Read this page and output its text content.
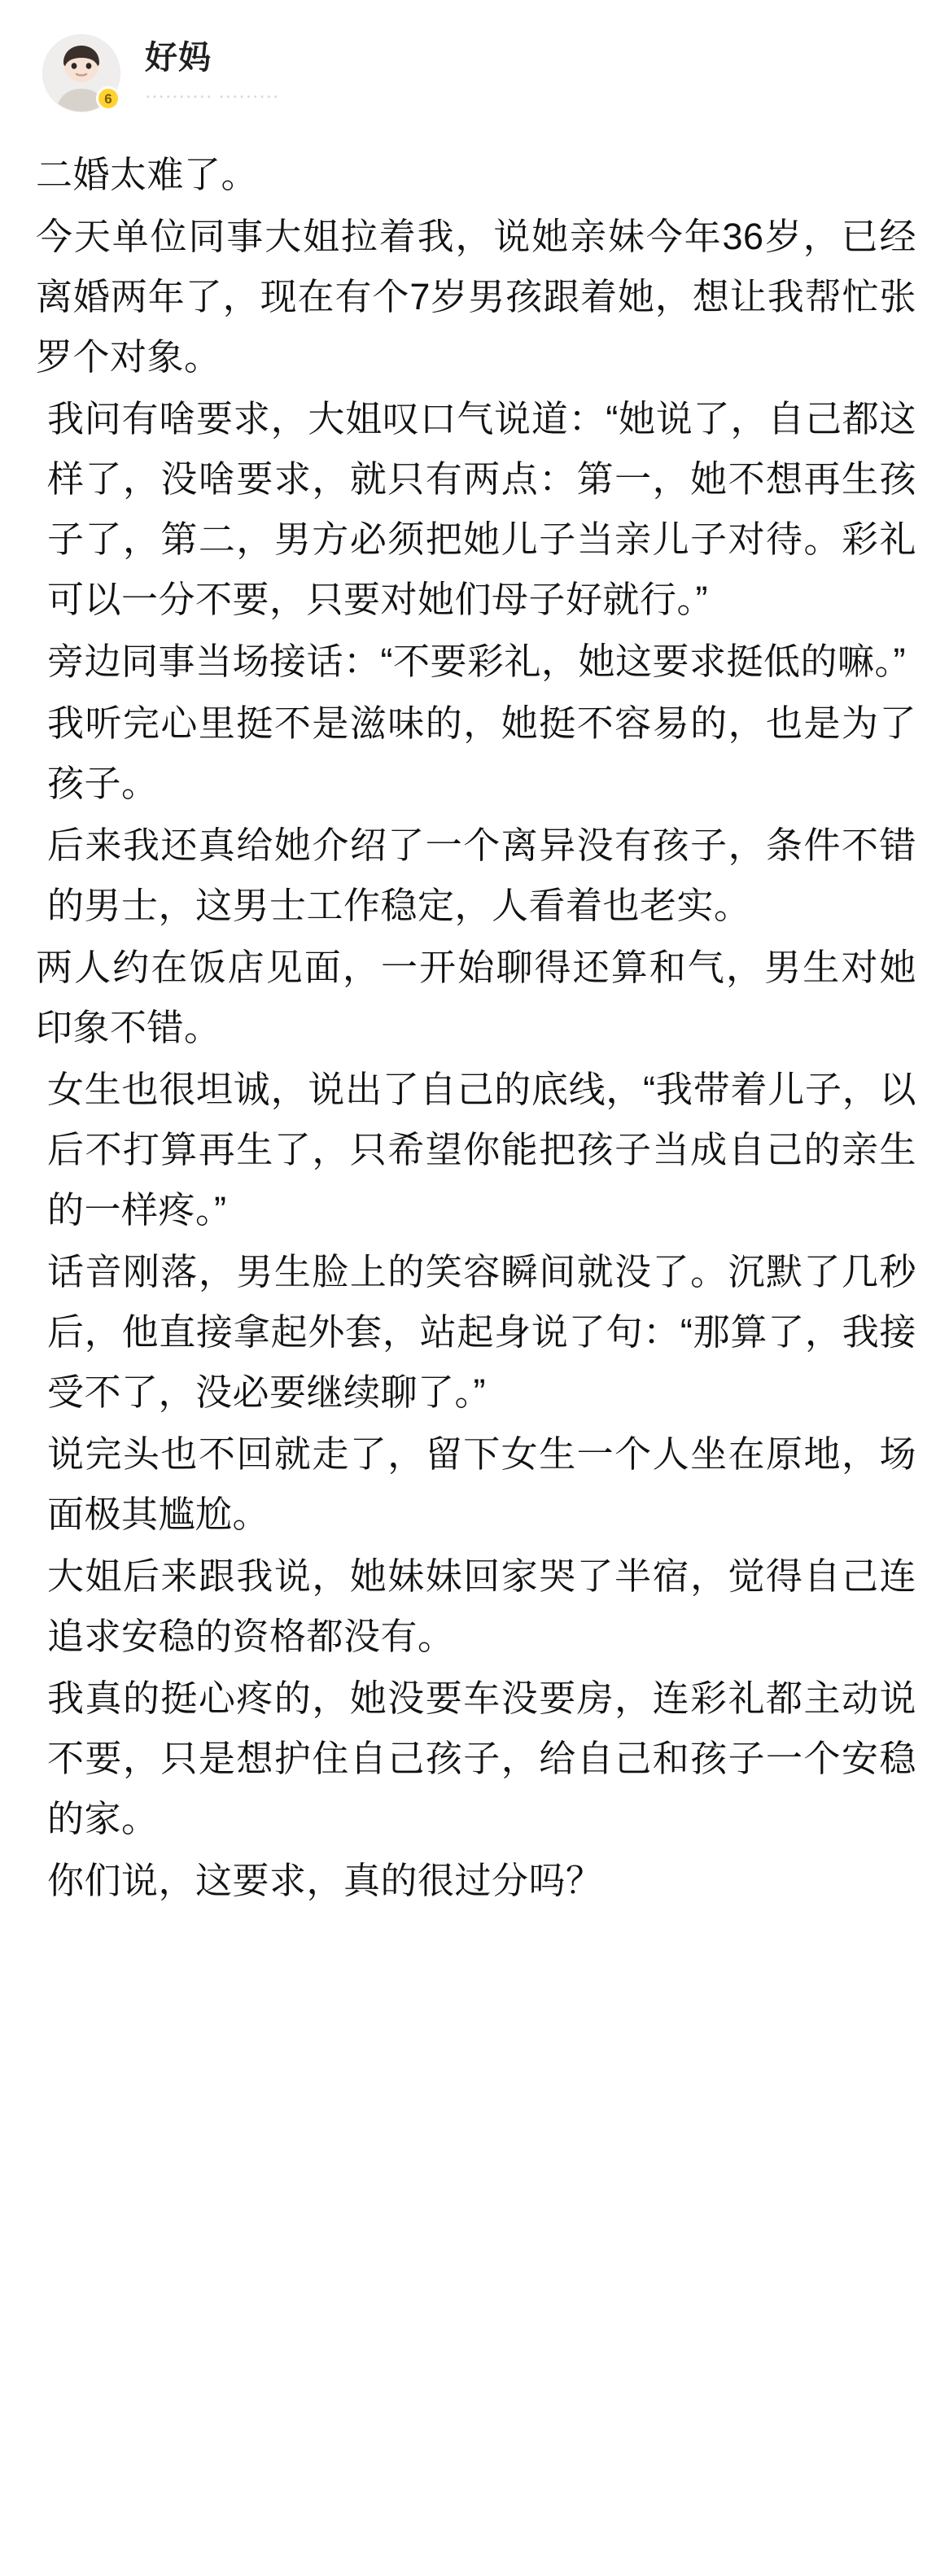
6
好妈
·········· ·········

二婚太难了。

今天单位同事大姐拉着我，说她亲妹今年36岁，已经离婚两年了，现在有个7岁男孩跟着她，想让我帮忙张罗个对象。

我问有啥要求，大姐叹口气说道：“她说了，自己都这样了，没啥要求，就只有两点：第一，她不想再生孩子了，第二，男方必须把她儿子当亲儿子对待。彩礼可以一分不要，只要对她们母子好就行。”

旁边同事当场接话：“不要彩礼，她这要求挺低的嘛。”

我听完心里挺不是滋味的，她挺不容易的，也是为了孩子。

后来我还真给她介绍了一个离异没有孩子，条件不错的男士，这男士工作稳定，人看着也老实。

两人约在饭店见面，一开始聊得还算和气，男生对她印象不错。

女生也很坦诚，说出了自己的底线，“我带着儿子，以后不打算再生了，只希望你能把孩子当成自己的亲生的一样疼。”

话音刚落，男生脸上的笑容瞬间就没了。沉默了几秒后，他直接拿起外套，站起身说了句：“那算了，我接受不了，没必要继续聊了。”

说完头也不回就走了，留下女生一个人坐在原地，场面极其尴尬。

大姐后来跟我说，她妹妹回家哭了半宿，觉得自己连追求安稳的资格都没有。

我真的挺心疼的，她没要车没要房，连彩礼都主动说不要，只是想护住自己孩子，给自己和孩子一个安稳的家。

你们说，这要求，真的很过分吗？
